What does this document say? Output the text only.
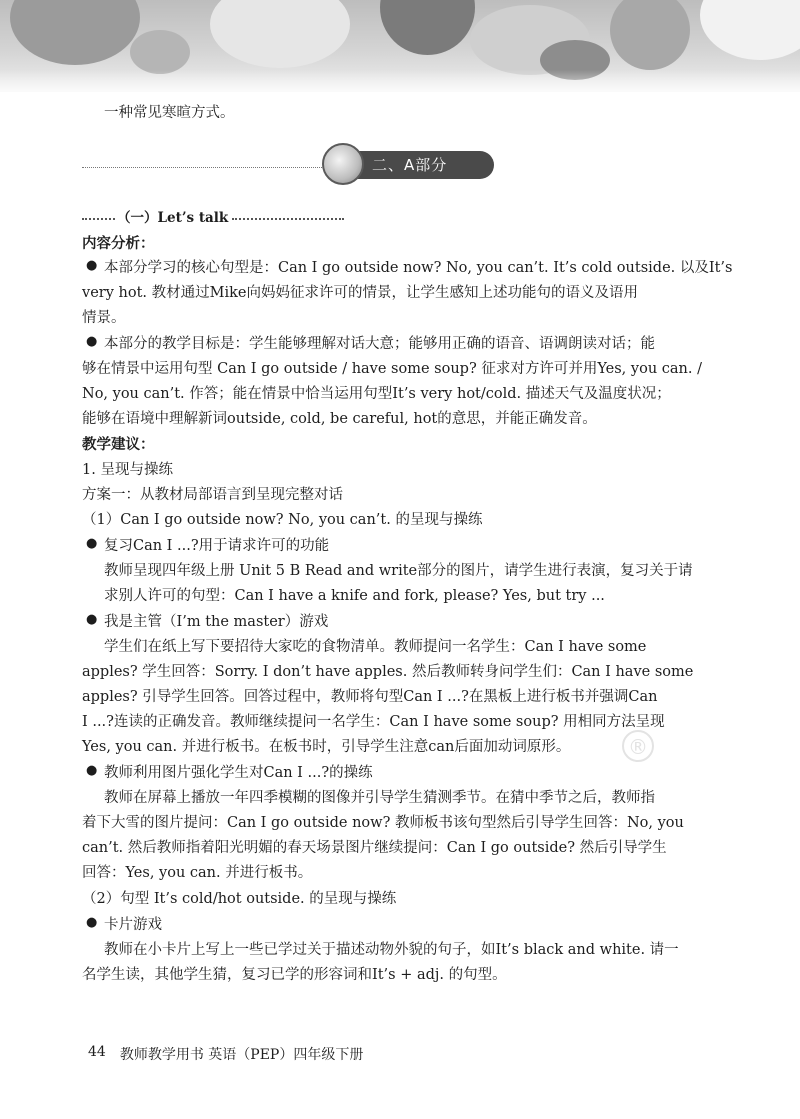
一种常见寒暄方式。
二、A部分
（一）Let’s talk
内容分析：
● 本部分学习的核心句型是：Can I go outside now? No, you can’t. It’s cold outside. 以及It’s
very hot. 教材通过Mike向妈妈征求许可的情景，让学生感知上述功能句的语义及语用
情景。
● 本部分的教学目标是：学生能够理解对话大意；能够用正确的语音、语调朗读对话；能
够在情景中运用句型 Can I go outside / have some soup? 征求对方许可并用Yes, you can. /
No, you can’t. 作答；能在情景中恰当运用句型It’s very hot/cold. 描述天气及温度状况；
能够在语境中理解新词outside, cold, be careful, hot的意思，并能正确发音。
教学建议：
1. 呈现与操练
方案一：从教材局部语言到呈现完整对话
（1）Can I go outside now? No, you can’t. 的呈现与操练
● 复习Can I ...?用于请求许可的功能
教师呈现四年级上册 Unit 5 B Read and write部分的图片，请学生进行表演，复习关于请
求别人许可的句型：Can I have a knife and fork, please? Yes, but try ...
● 我是主管（I’m the master）游戏
学生们在纸上写下要招待大家吃的食物清单。教师提问一名学生：Can I have some
apples? 学生回答：Sorry. I don’t have apples. 然后教师转身问学生们：Can I have some
apples? 引导学生回答。回答过程中，教师将句型Can I ...?在黑板上进行板书并强调Can
I ...?连读的正确发音。教师继续提问一名学生：Can I have some soup? 用相同方法呈现
Yes, you can. 并进行板书。在板书时，引导学生注意can后面加动词原形。
● 教师利用图片强化学生对Can I ...?的操练
教师在屏幕上播放一年四季模糊的图像并引导学生猜测季节。在猜中季节之后，教师指
着下大雪的图片提问：Can I go outside now? 教师板书该句型然后引导学生回答：No, you
can’t. 然后教师指着阳光明媚的春天场景图片继续提问：Can I go outside? 然后引导学生
回答：Yes, you can. 并进行板书。
（2）句型 It’s cold/hot outside. 的呈现与操练
● 卡片游戏
教师在小卡片上写上一些已学过关于描述动物外貌的句子，如It’s black and white. 请一
名学生读，其他学生猜，复习已学的形容词和It’s + adj. 的句型。
®
44 教师教学用书 英语（PEP）四年级下册
